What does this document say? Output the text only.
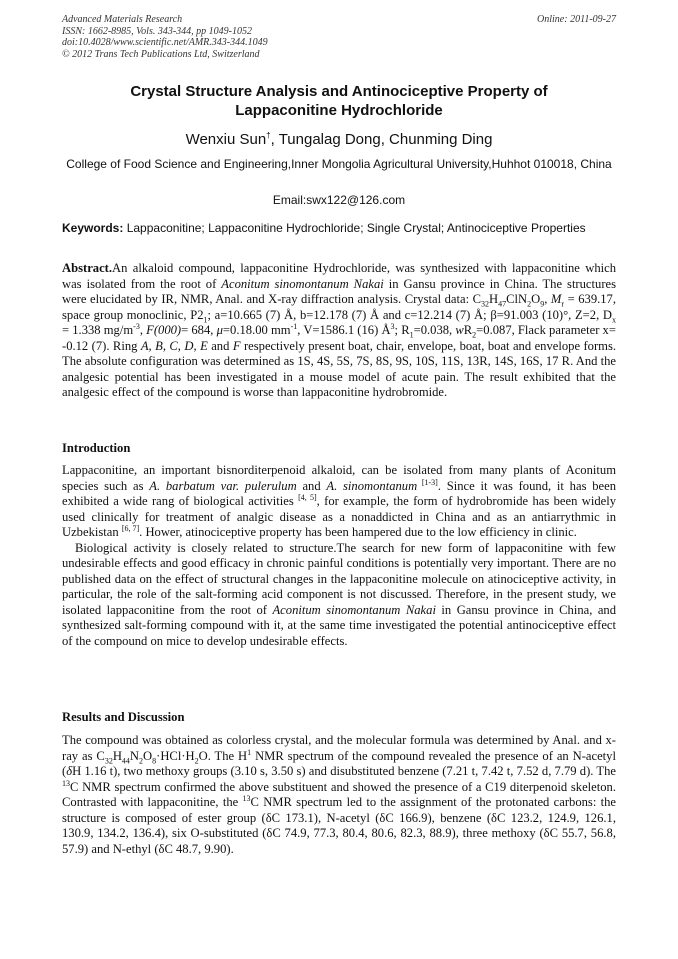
Advanced Materials Research
ISSN: 1662-8985, Vols. 343-344, pp 1049-1052
doi:10.4028/www.scientific.net/AMR.343-344.1049
© 2012 Trans Tech Publications Ltd, Switzerland
Online: 2011-09-27
Crystal Structure Analysis and Antinociceptive Property of
Lappaconitine Hydrochloride
Wenxiu Sun†, Tungalag Dong, Chunming Ding
College of Food Science and Engineering,Inner Mongolia Agricultural University,Huhhot 010018, China
Email:swx122@126.com
Keywords: Lappaconitine; Lappaconitine Hydrochloride; Single Crystal; Antinociceptive Properties

Abstract.An alkaloid compound, lappaconitine Hydrochloride, was synthesized with lappaconitine which was isolated from the root of Aconitum sinomontanum Nakai in Gansu province in China. The structures were elucidated by IR, NMR, Anal. and X-ray diffraction analysis. Crystal data: $C_{32}H_{47}ClN_2O_9$, $M_r = 639.17$, space group monoclinic, $P2_1$; a=10.665 (7) Å, b=12.178 (7) Å and c=12.214 (7) Å; β=91.003 (10)°, Z=2, $D_x = 1.338$ $mg/m^{-3}$, F(000)= 684, μ=0.18.00 $mm^{-1}$, V=1586.1 (16) $Å^3$; $R_1=0.038$, $wR_2=0.087$, Flack parameter x= -0.12 (7). Ring A, B, C, D, E and F respectively present boat, chair, envelope, boat, boat and envelope forms. The absolute configuration was determined as 1S, 4S, 5S, 7S, 8S, 9S, 10S, 11S, 13R, 14S, 16S, 17 R. And the analgesic potential has been investigated in a mouse model of acute pain. The result exhibited that the analgesic effect of the compound is worse than lappaconitine hydrobromide.

Introduction

Lappaconitine, an important bisnorditerpenoid alkaloid, can be isolated from many plants of Aconitum species such as A. barbatum var. pulerulum and A. sinomontanum [1-3]. Since it was found, it has been exhibited a wide rang of biological activities [4, 5], for example, the form of hydrobromide has been widely used clinically for treatment of analgic disease as a nonaddicted in China and as an antiarrythmic in Uzbekistan [6, 7]. Hower, atinociceptive property has been hampered due to the low efficiency in clinic.

Biological activity is closely related to structure.The search for new form of lappaconitine with few undesirable effects and good efficacy in chronic painful conditions is potentially very important. There are no published data on the effect of structural changes in the lappaconitine molecule on atinociceptive activity, in particular, the role of the salt-forming acid component is not discussed. Therefore, in the present study, we isolated lappaconitine from the root of Aconitum sinomontanum Nakai in Gansu province in China, and synthesized salt-forming compound with it, at the same time investigated the potential antinociceptive effect of the compound on mice to develop undesirable effects.

Results and Discussion

The compound was obtained as colorless crystal, and the molecular formula was determined by Anal. and x-ray as $C_{32}H_{44}N_2O_8\cdot HCl\cdot H_2O$. The $H^1$ NMR spectrum of the compound revealed the presence of an N-acetyl (δH 1.16 t), two methoxy groups (3.10 s, 3.50 s) and disubstituted benzene (7.21 t, 7.42 t, 7.52 d, 7.79 d). The $^{13}$C NMR spectrum confirmed the above substituent and showed the presence of a C19 diterpenoid skeleton. Contrasted with lappaconitine, the $^{13}$C NMR spectrum led to the assignment of the protonated carbons: the structure is composed of ester group (δC 173.1), N-acetyl (δC 166.9), benzene (δC 123.2, 124.9, 126.1, 130.9, 134.2, 136.4), six O-substituted (δC 74.9, 77.3, 80.4, 80.6, 82.3, 88.9), three methoxy (δC 55.7, 56.8, 57.9) and N-ethyl (δC 48.7, 9.90).
